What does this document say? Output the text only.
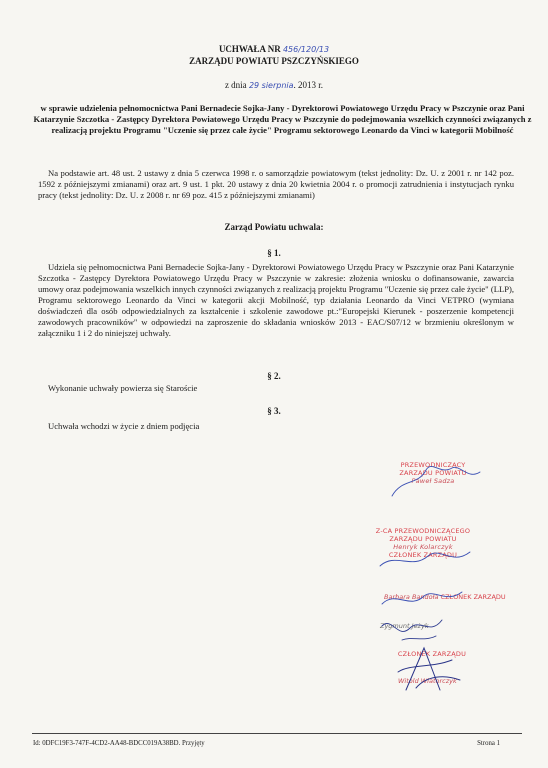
UCHWAŁA NR 456/120/13
ZARZĄDU POWIATU PSZCZYŃSKIEGO
z dnia 29 sierpnia. 2013 r.
w sprawie udzielenia pełnomocnictwa Pani Bernadecie Sojka-Jany - Dyrektorowi Powiatowego Urzędu Pracy w Pszczynie oraz Pani Katarzynie Szczotka - Zastępcy Dyrektora Powiatowego Urzędu Pracy w Pszczynie do podejmowania wszelkich czynności związanych z realizacją projektu Programu "Uczenie się przez całe życie" Programu sektorowego Leonardo da Vinci w kategorii Mobilność
Na podstawie art. 48 ust. 2 ustawy z dnia 5 czerwca 1998 r. o samorządzie powiatowym (tekst jednolity: Dz. U. z 2001 r. nr 142 poz. 1592 z późniejszymi zmianami) oraz art. 9 ust. 1 pkt. 20 ustawy z dnia 20 kwietnia 2004 r. o promocji zatrudnienia i instytucjach rynku pracy (tekst jednolity: Dz. U. z 2008 r. nr 69 poz. 415 z późniejszymi zmianami)
Zarząd Powiatu uchwala:
§ 1.
Udziela się pełnomocnictwa Pani Bernadecie Sojka-Jany - Dyrektorowi Powiatowego Urzędu Pracy w Pszczynie oraz Pani Katarzynie Szczotka - Zastępcy Dyrektora Powiatowego Urzędu Pracy w Pszczynie w zakresie: złożenia wniosku o dofinansowanie, zawarcia umowy oraz podejmowania wszelkich innych czynności związanych z realizacją projektu Programu "Uczenie się przez całe życie" (LLP), Programu sektorowego Leonardo da Vinci w kategorii akcji Mobilność, typ działania Leonardo da Vinci VETPRO (wymiana doświadczeń dla osób odpowiedzialnych za kształcenie i szkolenie zawodowe pt.:"Europejski Kierunek - poszerzenie kompetencji zawodowych pracowników" w odpowiedzi na zaproszenie do składania wniosków 2013 - EAC/S07/12 w brzmieniu określonym w załączniku 1 i 2 do niniejszej uchwały.
§ 2.
Wykonanie uchwały powierza się Staroście
§ 3.
Uchwała wchodzi w życie z dniem podjęcia
PRZEWODNICZĄCY ZARZĄDU POWIATU
Paweł Sadza
Z-CA PRZEWODNICZĄCEGO ZARZĄDU POWIATU
Henryk Kolarczyk
CZŁONEK ZARZĄDU
Barbara Bandoła CZŁONEK ZARZĄDU
Zygmunt Jeżyk
CZŁONEK ZARZĄDU
Witold Wiatorczyk
Id: 0DFC19F3-747F-4CD2-AA48-BDCC019A38BD. Przyjęty	Strona 1
